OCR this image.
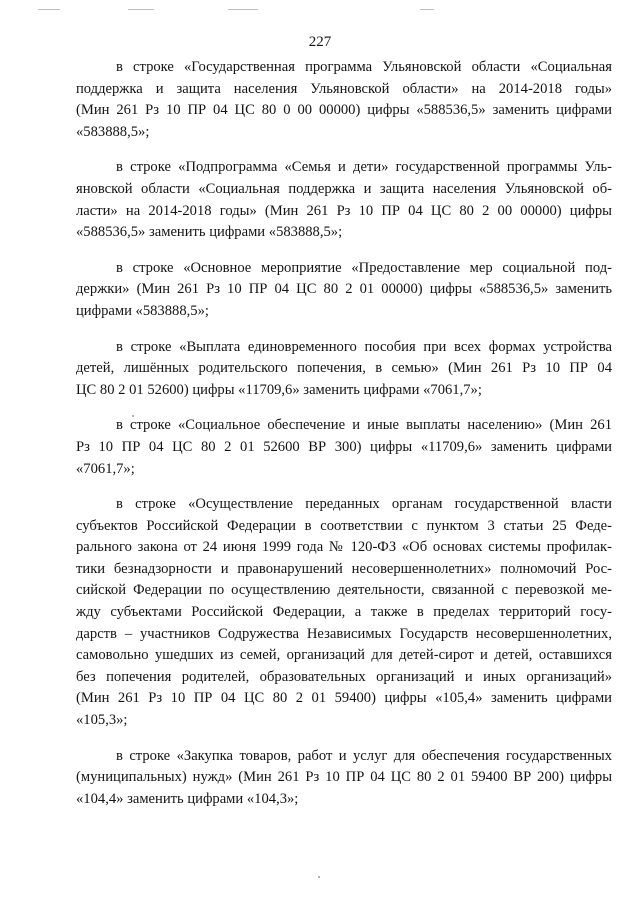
227

в строке «Государственная программа Ульяновской области «Социальная
поддержка и защита населения Ульяновской области» на 2014-2018 годы»
(Мин 261 Рз 10 ПР 04 ЦС 80 0 00 00000) цифры «588536,5» заменить цифрами
«583888,5»;

в строке «Подпрограмма «Семья и дети» государственной программы Уль-
яновской области «Социальная поддержка и защита населения Ульяновской об-
ласти» на 2014-2018 годы» (Мин 261 Рз 10 ПР 04 ЦС 80 2 00 00000) цифры
«588536,5» заменить цифрами «583888,5»;

в строке «Основное мероприятие «Предоставление мер социальной под-
держки» (Мин 261 Рз 10 ПР 04 ЦС 80 2 01 00000) цифры «588536,5» заменить
цифрами «583888,5»;

в строке «Выплата единовременного пособия при всех формах устройства
детей, лишённых родительского попечения, в семью» (Мин 261 Рз 10 ПР 04
ЦС 80 2 01 52600) цифры «11709,6» заменить цифрами «7061,7»;

в строке «Социальное обеспечение и иные выплаты населению» (Мин 261
Рз 10 ПР 04 ЦС 80 2 01 52600 ВР 300) цифры «11709,6» заменить цифрами
«7061,7»;

в строке «Осуществление переданных органам государственной власти
субъектов Российской Федерации в соответствии с пунктом 3 статьи 25 Феде-
рального закона от 24 июня 1999 года № 120-ФЗ «Об основах системы профилак-
тики безнадзорности и правонарушений несовершеннолетних» полномочий Рос-
сийской Федерации по осуществлению деятельности, связанной с перевозкой ме-
жду субъектами Российской Федерации, а также в пределах территорий госу-
дарств – участников Содружества Независимых Государств несовершеннолетних,
самовольно ушедших из семей, организаций для детей-сирот и детей, оставшихся
без попечения родителей, образовательных организаций и иных организаций»
(Мин 261 Рз 10 ПР 04 ЦС 80 2 01 59400) цифры «105,4» заменить цифрами
«105,3»;

в строке «Закупка товаров, работ и услуг для обеспечения государственных
(муниципальных) нужд» (Мин 261 Рз 10 ПР 04 ЦС 80 2 01 59400 ВР 200) цифры
«104,4» заменить цифрами «104,3»;
